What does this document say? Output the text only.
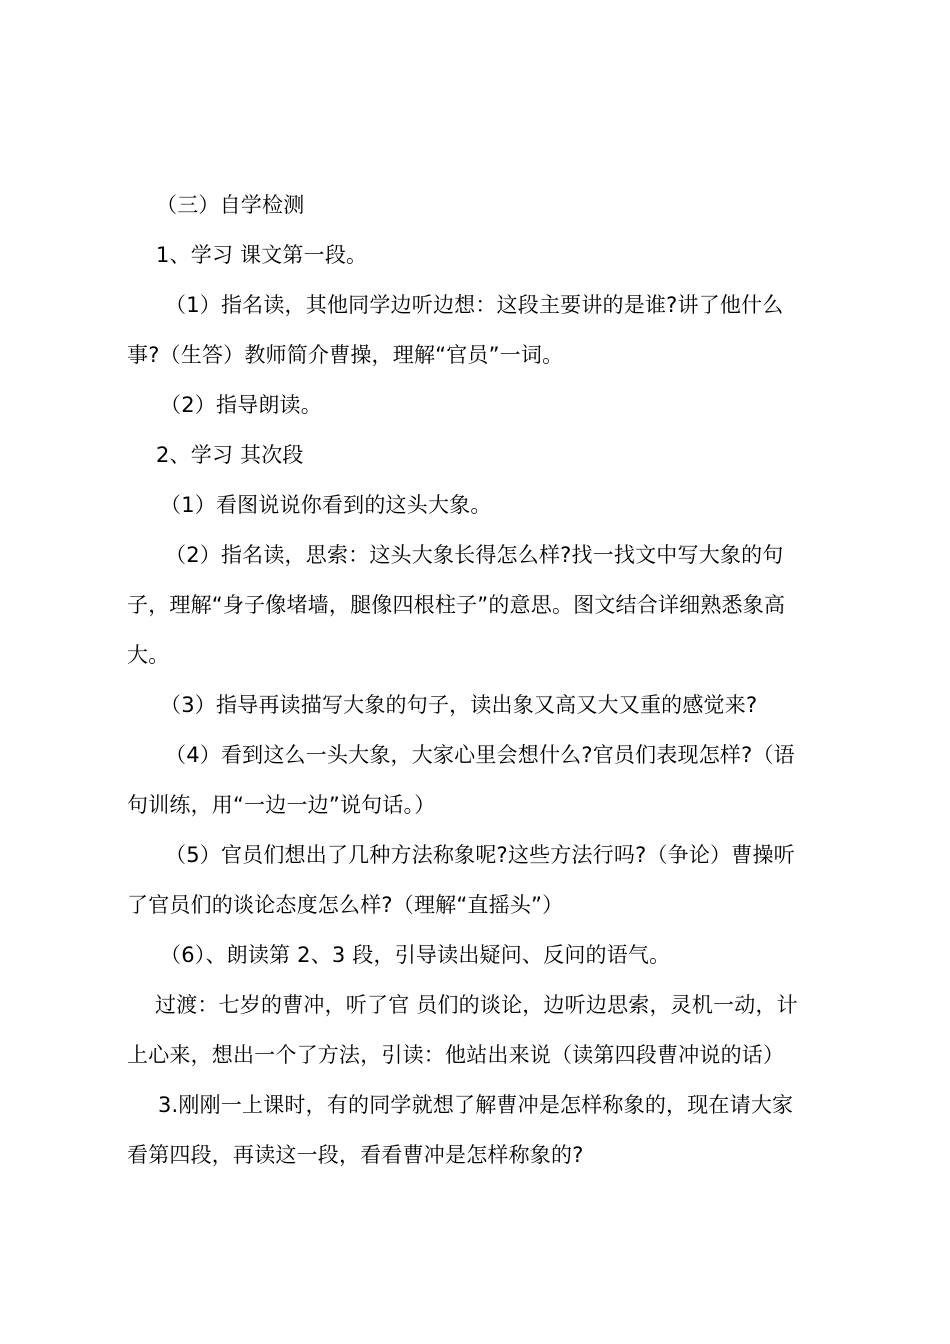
（三）自学检测

1、学习 课文第一段。

（1）指名读，其他同学边听边想：这段主要讲的是谁?讲了他什么

事?（生答）教师简介曹操，理解“官员”一词。

（2）指导朗读。

2、学习 其次段

（1）看图说说你看到的这头大象。

（2）指名读，思索：这头大象长得怎么样?找一找文中写大象的句

子，理解“身子像堵墙，腿像四根柱子”的意思。图文结合详细熟悉象高

大。

（3）指导再读描写大象的句子，读出象又高又大又重的感觉来?

（4）看到这么一头大象，大家心里会想什么?官员们表现怎样?（语

句训练，用“一边一边”说句话。）

（5）官员们想出了几种方法称象呢?这些方法行吗?（争论）曹操听

了官员们的谈论态度怎么样?（理解“直摇头”）

（6）、朗读第 2、3 段，引导读出疑问、反问的语气。

过渡：七岁的曹冲，听了官 员们的谈论，边听边思索，灵机一动，计

上心来，想出一个了方法，引读：他站出来说（读第四段曹冲说的话）

3.刚刚一上课时，有的同学就想了解曹冲是怎样称象的，现在请大家

看第四段，再读这一段，看看曹冲是怎样称象的?
